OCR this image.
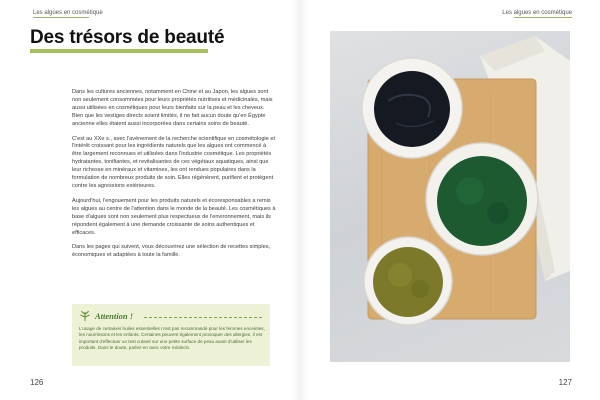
Les algues en cosmétique
Des trésors de beauté

Dans les cultures anciennes, notamment en Chine et au Japon, les algues sont non seulement consommées pour leurs propriétés nutritives et médicinales, mais aussi utilisées en cosmétiques pour leurs bienfaits sur la peau et les cheveux. Bien que les vestiges directs soient limités, il ne fait aucun doute qu'en Égypte ancienne elles étaient aussi incorporées dans certains soins de beauté.

C'est au XXe s., avec l'avènement de la recherche scientifique en cosmétologie et l'intérêt croissant pour les ingrédients naturels que les algues ont commencé à être largement reconnues et utilisées dans l'industrie cosmétique. Les propriétés hydratantes, tonifiantes, et revitalisantes de ces végétaux aquatiques, ainsi que leur richesse en minéraux et vitamines, les ont rendues populaires dans la formulation de nombreux produits de soin. Elles régénèrent, purifient et protègent contre les agressions extérieures.

Aujourd'hui, l'engouement pour les produits naturels et écoresponsables a remis les algues au centre de l'attention dans le monde de la beauté. Les cosmétiques à base d'algues sont non seulement plus respectueux de l'environnement, mais ils répondent également à une demande croissante de soins authentiques et efficaces.

Dans les pages qui suivent, vous découvrirez une sélection de recettes simples, économiques et adaptées à toute la famille.

Attention !
L'usage de certaines huiles essentielles n'est pas recommandé pour les femmes enceintes, les nourrissons et les enfants. Certaines peuvent également provoquer des allergies, il est important d'effectuer un test cutané sur une petite surface de peau avant d'utiliser les produits. Dans le doute, parlez-en avec votre médecin.
126
Les algues en cosmétique
127
